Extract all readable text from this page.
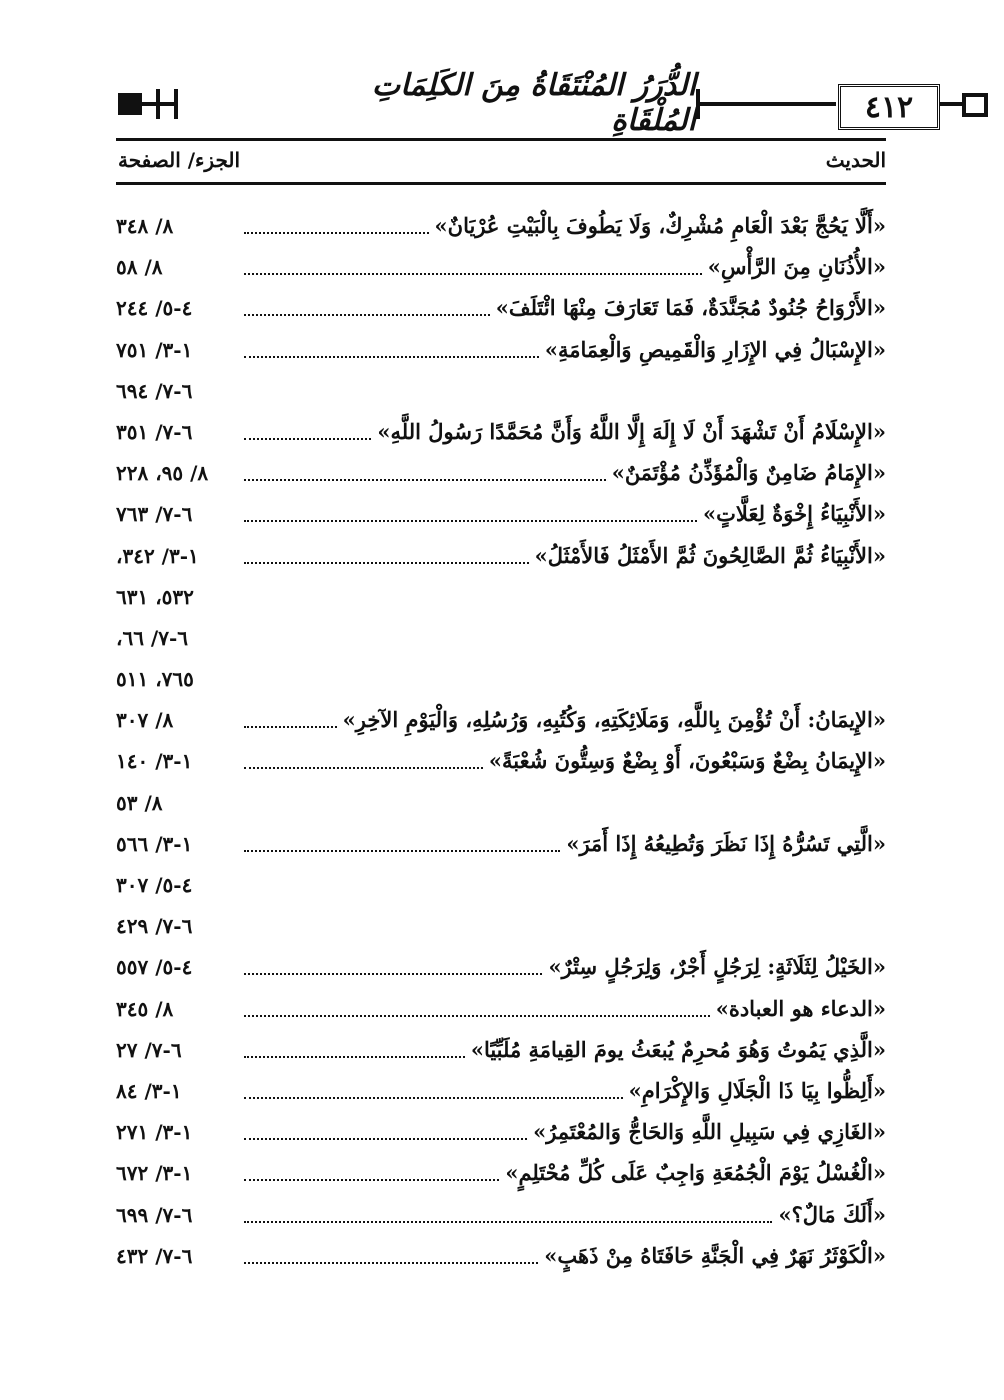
الدُّرَرُ المُنْتَقَاةُ مِنَ الكَلِمَاتِ المُلْقَاةِ	٤١٢
الحديث
الجزء/ الصفحة
٨/ ٣٤٨	«أَلَّا يَحُجَّ بَعْدَ الْعَامِ مُشْرِكٌ، وَلَا يَطُوفَ بِالْبَيْتِ عُرْيَانٌ»
٨/ ٥٨	«الأُذُنَانِ مِنَ الرَّأْسِ»
٤-٥/ ٢٤٤	«الأَرْوَاحُ جُنُودٌ مُجَنَّدَةٌ، فَمَا تَعَارَفَ مِنْهَا ائْتَلَفَ»
١-٣/ ٧٥١	«الإِسْبَالُ فِي الإِزَارِ وَالْقَمِيصِ وَالْعِمَامَةِ»
٦-٧/ ٦٩٤
٦-٧/ ٣٥١	«الإِسْلَامُ أَنْ تَشْهَدَ أَنْ لَا إِلَهَ إِلَّا اللَّهُ وَأَنَّ مُحَمَّدًا رَسُولُ اللَّهِ»
٨/ ٩٥، ٢٢٨	«الإِمَامُ ضَامِنٌ وَالْمُؤَذِّنُ مُؤْتَمَنٌ»
٦-٧/ ٧٦٣	«الأَنْبِيَاءُ إِخْوَةٌ لِعَلَّاتٍ»
١-٣/ ٣٤٢،	«الأَنْبِيَاءُ ثُمَّ الصَّالِحُونَ ثُمَّ الأَمْثَلُ فَالأَمْثَلُ»
٥٣٢، ٦٣١
٦-٧/ ٦٦،
٧٦٥، ٥١١
٨/ ٣٠٧	«الإِيمَانُ: أَنْ تُؤْمِنَ بِاللَّهِ، وَمَلَائِكَتِهِ، وَكُتُبِهِ، وَرُسُلِهِ، وَالْيَوْمِ الآخِرِ»
١-٣/ ١٤٠	«الإِيمَانُ بِضْعٌ وَسَبْعُونَ، أَوْ بِضْعٌ وَسِتُّونَ شُعْبَةً»
٨/ ٥٣
١-٣/ ٥٦٦	«الَّتِي تَسُرُّهُ إِذَا نَظَرَ وَتُطِيعُهُ إِذَا أَمَرَ»
٤-٥/ ٣٠٧
٦-٧/ ٤٢٩
٤-٥/ ٥٥٧	«الخَيْلُ لِثَلَاثَةٍ: لِرَجُلٍ أَجْرٌ، وَلِرَجُلٍ سِتْرٌ»
٨/ ٣٤٥	«الدعاء هو العبادة»
٦-٧/ ٢٧	«الَّذِي يَمُوتُ وَهُوَ مُحرِمٌ يُبعَثُ يومَ القِيامَةِ مُلَبِّيًا»
١-٣/ ٨٤	«أَلِظُّوا بِيَا ذَا الْجَلَالِ وَالإِكْرَامِ»
١-٣/ ٢٧١	«الغَازِي فِي سَبِيلِ اللَّهِ وَالحَاجُّ وَالمُعْتَمِرُ»
١-٣/ ٦٧٢	«الْغُسْلُ يَوْمَ الْجُمُعَةِ وَاجِبٌ عَلَى كُلِّ مُحْتَلِمٍ»
٦-٧/ ٦٩٩	«أَلَكَ مَالٌ؟»
٦-٧/ ٤٣٢	«الْكَوْثَرُ نَهَرٌ فِي الْجَنَّةِ حَافَتَاهُ مِنْ ذَهَبٍ»
